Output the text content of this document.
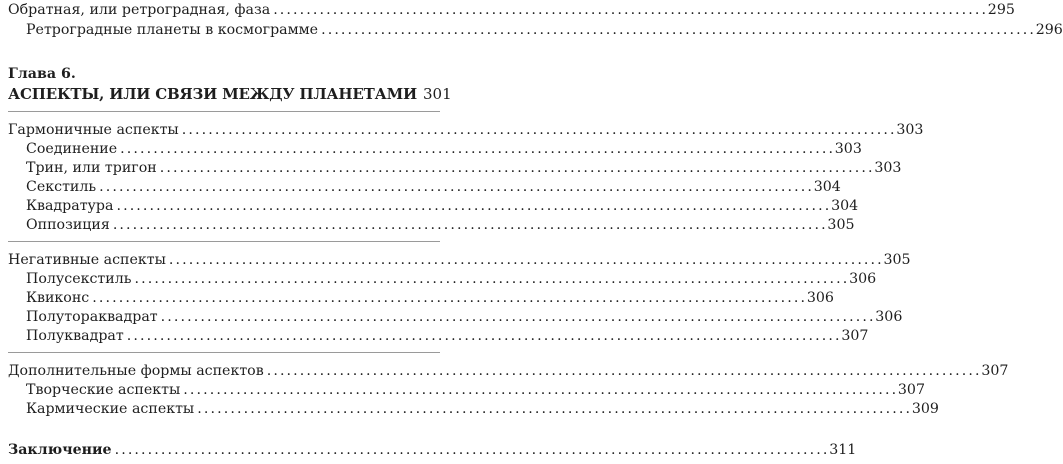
Обратная, или ретроградная, фаза . . .	295
Ретроградные планеты в космограмме . . .	296
Глава 6.
АСПЕКТЫ, ИЛИ СВЯЗИ МЕЖДУ ПЛАНЕТАМИ 301
Гармоничные аспекты . . .	303
Соединение . . .	303
Трин, или тригон . . .	303
Секстиль . . .	304
Квадратура . . .	304
Оппозиция . . .	305
Негативные аспекты . . .	305
Полусекстиль . . .	306
Квиконс . . .	306
Полутораквадрат . . .	306
Полуквадрат . . .	307
Дополнительные формы аспектов . . .	307
Творческие аспекты . . .	307
Кармические аспекты . . .	309
Заключение . . .	311
